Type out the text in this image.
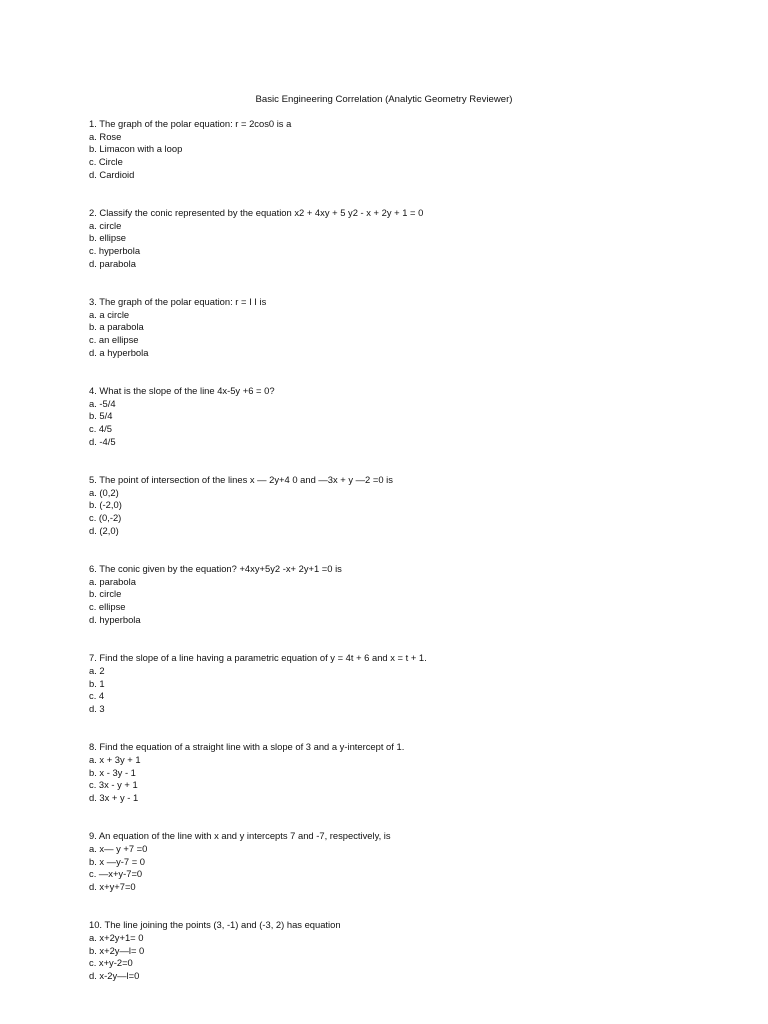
Basic Engineering Correlation (Analytic Geometry Reviewer)
1. The graph of the polar equation: r = 2cos0 is a
a. Rose
b. Limacon with a loop
c. Circle
d. Cardioid
2. Classify the conic represented by the equation x2 + 4xy + 5 y2 - x + 2y + 1 = 0
a. circle
b. ellipse
c. hyperbola
d. parabola
3. The graph of the polar equation: r = I I is
a. a circle
b. a parabola
c. an ellipse
d. a hyperbola
4. What is the slope of the line 4x-5y +6 = 0?
a. -5/4
b. 5/4
c. 4/5
d. -4/5
5. The point of intersection of the lines x — 2y+4 0 and —3x + y —2 =0 is
a. (0,2)
b. (-2,0)
c. (0,-2)
d. (2,0)
6. The conic given by the equation? +4xy+5y2 -x+ 2y+1 =0 is
a. parabola
b. circle
c. ellipse
d. hyperbola
7. Find the slope of a line having a parametric equation of y = 4t + 6 and x = t + 1.
a. 2
b. 1
c. 4
d. 3
8. Find the equation of a straight line with a slope of 3 and a y-intercept of 1.
a. x + 3y + 1
b. x - 3y - 1
c. 3x - y + 1
d. 3x + y - 1
9. An equation of the line with x and y intercepts 7 and -7, respectively, is
a. x— y +7 =0
b. x —y-7 = 0
c. —x+y-7=0
d. x+y+7=0
10. The line joining the points (3, -1) and (-3, 2) has equation
a. x+2y+1= 0
b. x+2y—l= 0
c. x+y-2=0
d. x-2y—l=0
